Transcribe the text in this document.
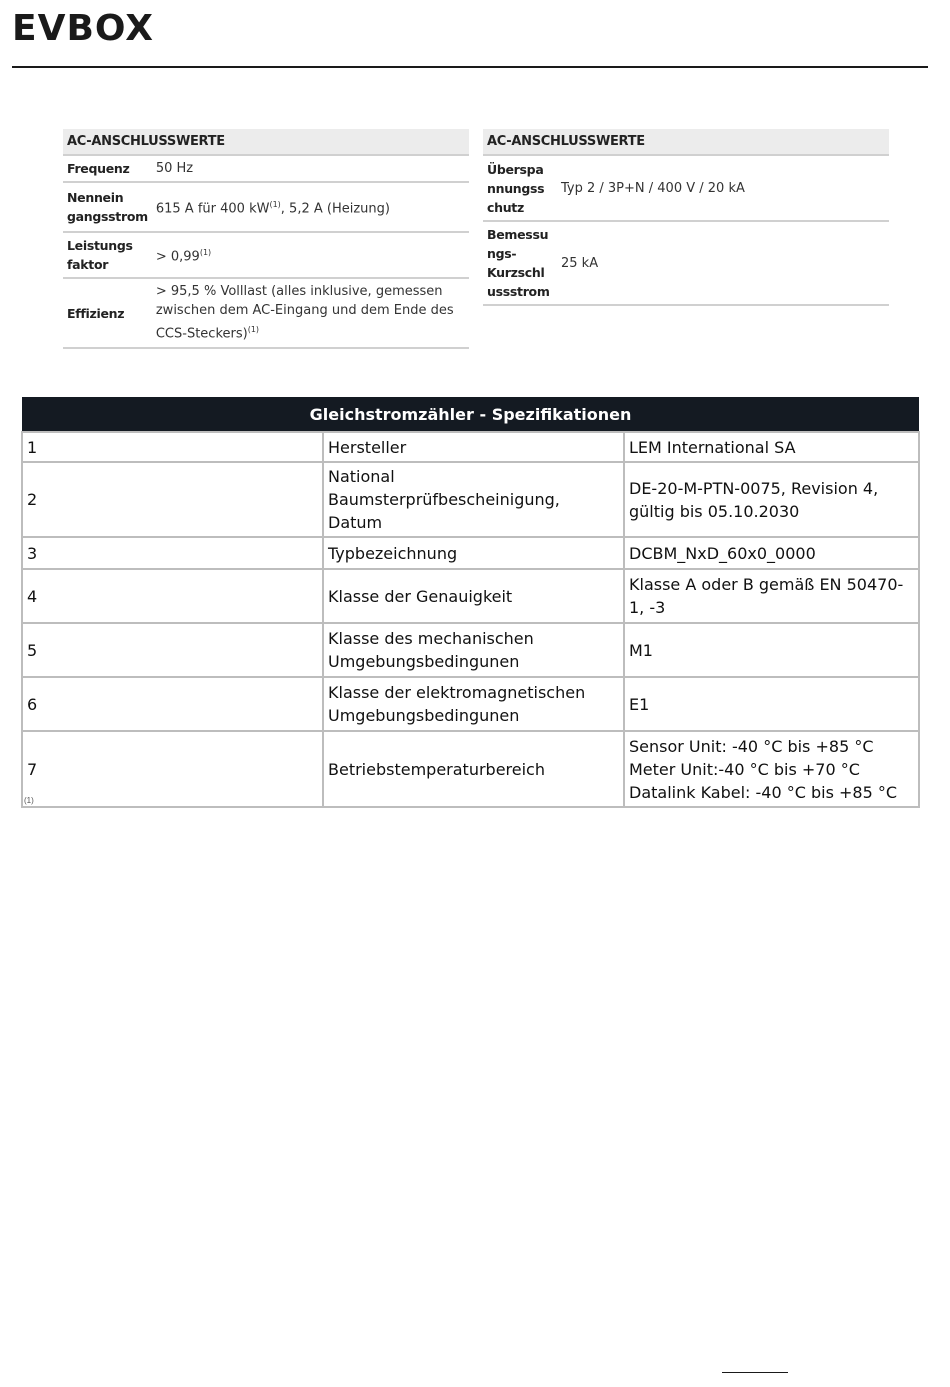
EVBOX
AC-ANSCHLUSSWERTE	
Frequenz	50 Hz
Nennein gangsstrom	615 A für 400 $kW^{(1)}$, 5,2 A (Heizung)
Leistungs faktor	> $0,99^{(1)}$
Effizienz	> 95,5 % Volllast (alles inklusive, gemessen zwischen dem AC-Eingang und dem Ende des CCS-Steckers)$^{(1)}$
AC-ANSCHLUSSWERTE	
Überspa nnungss chutz	Typ 2 / 3P+N / 400 V / 20 kA
Bemessu ngs- Kurzschl ussstrom	25 kA
Gleichstromzähler - Spezifikationen		
1	Hersteller	LEM International SA
2	National Baumsterprüfbescheinigung, Datum	DE-20-M-PTN-0075, Revision 4, gültig bis 05.10.2030
3	Typbezeichnung	DCBM_NxD_60x0_0000
4	Klasse der Genauigkeit	Klasse A oder B gemäß EN 50470-1, -3
5	Klasse des mechanischen Umgebungsbedingunen	M1
6	Klasse der elektromagnetischen Umgebungsbedingunen	E1
7	Betriebstemperaturbereich	Sensor Unit: -40 °C bis +85 °C
Meter Unit:-40 °C bis +70 °C
Datalink Kabel: -40 °C bis +85 °C
(1)
